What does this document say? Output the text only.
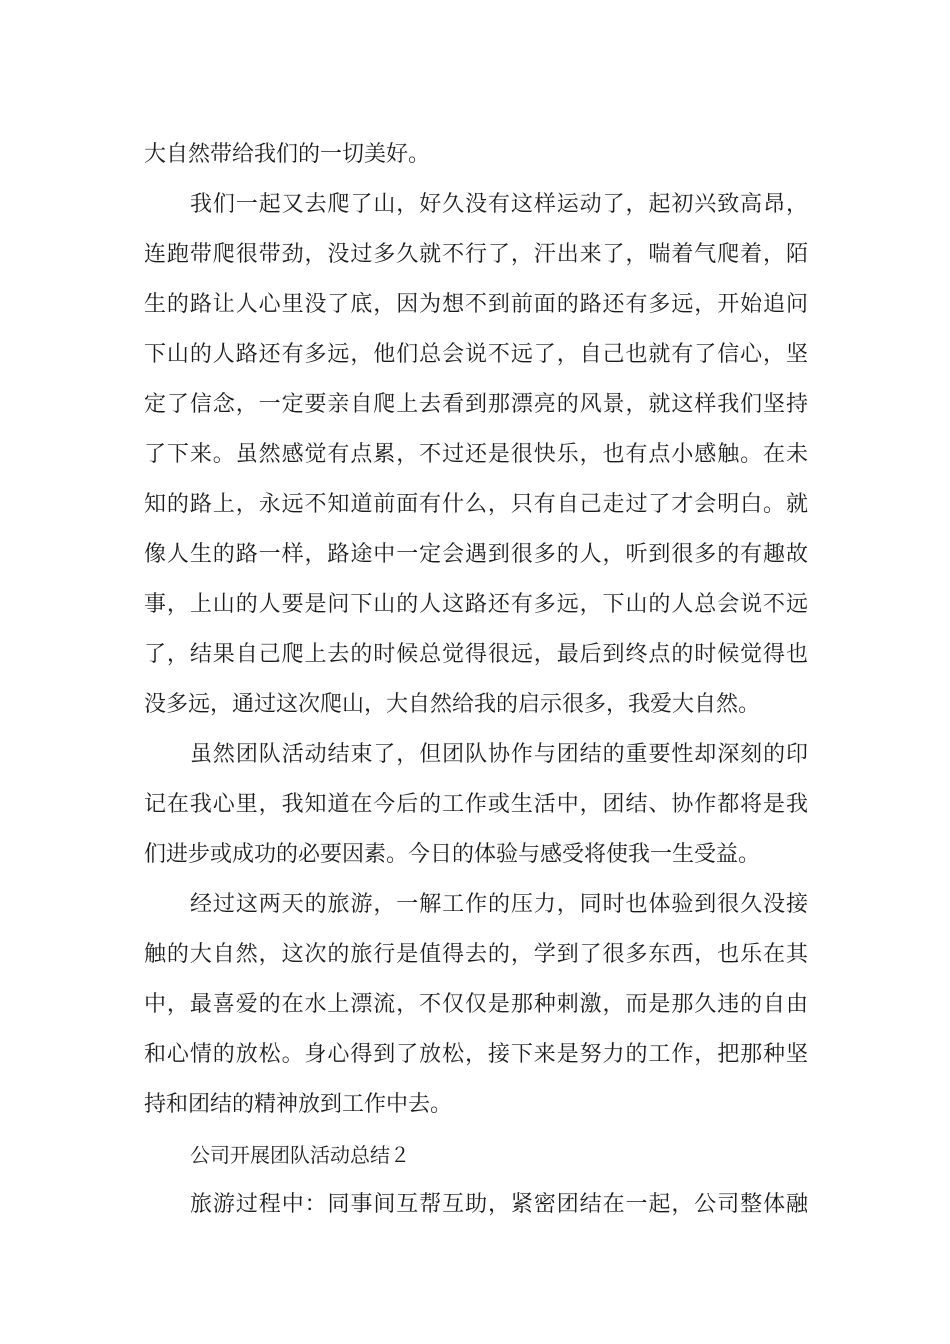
大自然带给我们的一切美好。
我们一起又去爬了山，好久没有这样运动了，起初兴致高昂，
连跑带爬很带劲，没过多久就不行了，汗出来了，喘着气爬着，陌
生的路让人心里没了底，因为想不到前面的路还有多远，开始追问
下山的人路还有多远，他们总会说不远了，自己也就有了信心，坚
定了信念，一定要亲自爬上去看到那漂亮的风景，就这样我们坚持
了下来。虽然感觉有点累，不过还是很快乐，也有点小感触。在未
知的路上，永远不知道前面有什么，只有自己走过了才会明白。就
像人生的路一样，路途中一定会遇到很多的人，听到很多的有趣故
事，上山的人要是问下山的人这路还有多远，下山的人总会说不远
了，结果自己爬上去的时候总觉得很远，最后到终点的时候觉得也
没多远，通过这次爬山，大自然给我的启示很多，我爱大自然。
虽然团队活动结束了，但团队协作与团结的重要性却深刻的印
记在我心里，我知道在今后的工作或生活中，团结、协作都将是我
们进步或成功的必要因素。今日的体验与感受将使我一生受益。
经过这两天的旅游，一解工作的压力，同时也体验到很久没接
触的大自然，这次的旅行是值得去的，学到了很多东西，也乐在其
中，最喜爱的在水上漂流，不仅仅是那种刺激，而是那久违的自由
和心情的放松。身心得到了放松，接下来是努力的工作，把那种坚
持和团结的精神放到工作中去。
公司开展团队活动总结２
旅游过程中：同事间互帮互助，紧密团结在一起，公司整体融
